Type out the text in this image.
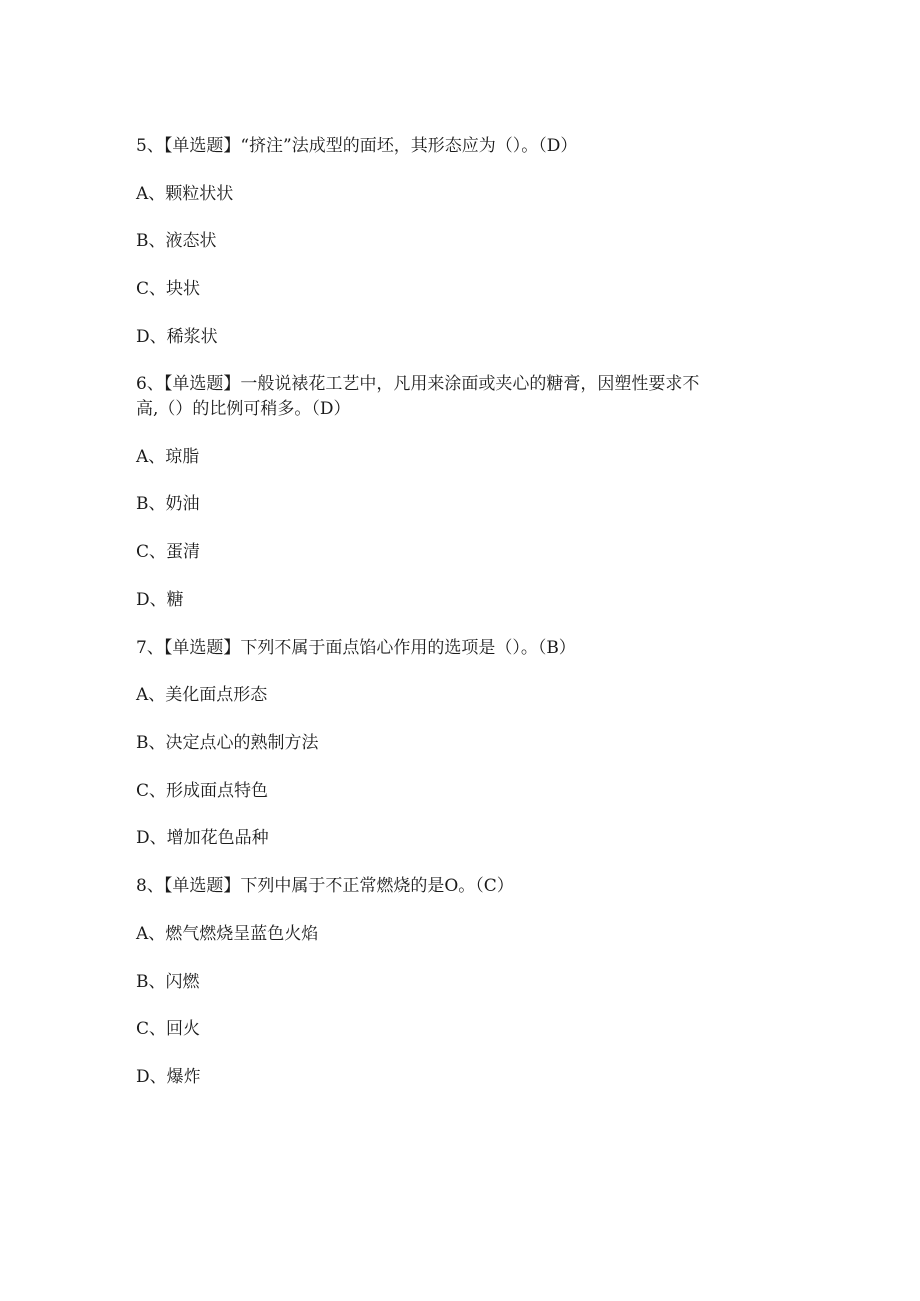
5、【单选题】“挤注”法成型的面坯，其形态应为（）。（D）
A、颗粒状状
B、液态状
C、块状
D、稀浆状
6、【单选题】一般说裱花工艺中，凡用来涂面或夹心的糖膏，因塑性要求不
高,（）的比例可稍多。（D）
A、琼脂
B、奶油
C、蛋清
D、糖
7、【单选题】下列不属于面点馅心作用的选项是（）。（B）
A、美化面点形态
B、决定点心的熟制方法
C、形成面点特色
D、增加花色品种
8、【单选题】下列中属于不正常燃烧的是O。（C）
A、燃气燃烧呈蓝色火焰
B、闪燃
C、回火
D、爆炸
